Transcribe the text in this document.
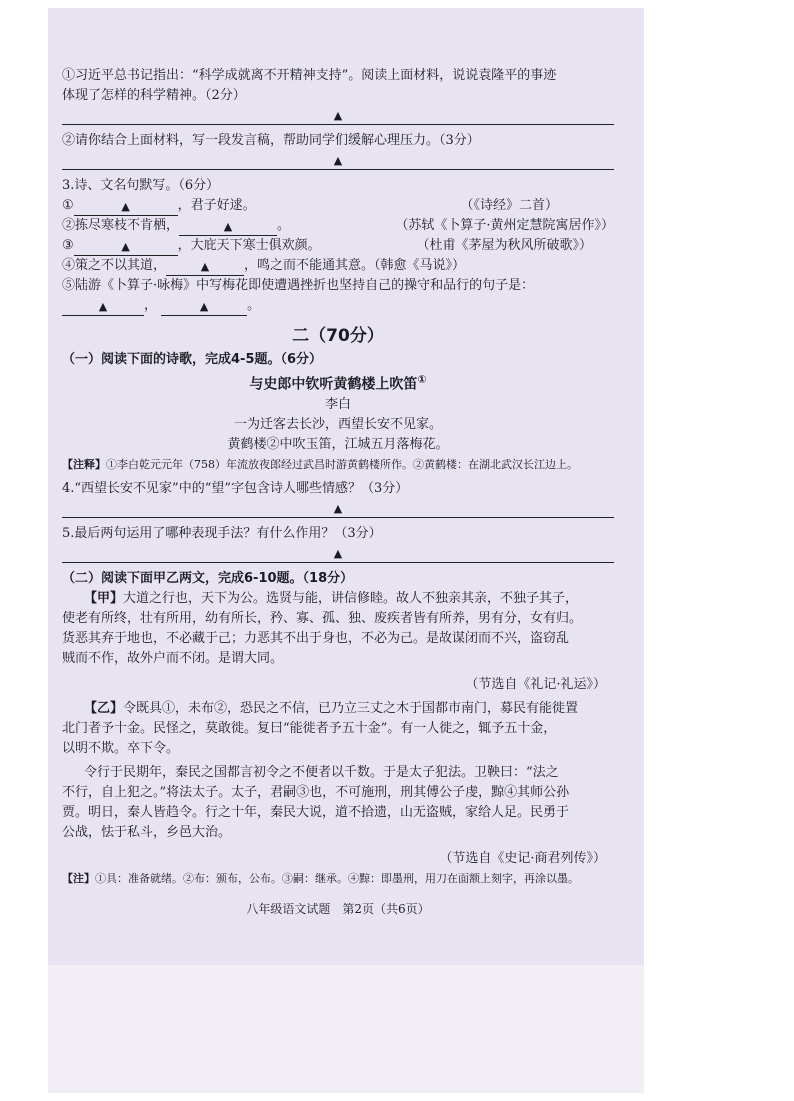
①习近平总书记指出：“科学成就离不开精神支持”。阅读上面材料，说说袁隆平的事迹
体现了怎样的科学精神。（2分）
▲
②请你结合上面材料，写一段发言稿，帮助同学们缓解心理压力。（3分）
▲
3.诗、文名句默写。（6分）
①	▲	，君子好逑。	（《诗经》二首）
②拣尽寒枝不肯栖，	▲	。	（苏轼《卜算子·黄州定慧院寓居作》）
③	▲	，大庇天下寒士俱欢颜。	（杜甫《茅屋为秋风所破歌》）
④策之不以其道，	▲	，鸣之而不能通其意。（韩愈《马说》）
⑤陆游《卜算子·咏梅》中写梅花即使遭遇挫折也坚持自己的操守和品行的句子是：
▲	，	▲	。
二（70分）
（一）阅读下面的诗歌，完成4-5题。（6分）
与史郎中钦听黄鹤楼上吹笛①
李白
一为迁客去长沙，西望长安不见家。
黄鹤楼②中吹玉笛，江城五月落梅花。
【注释】①李白乾元元年（758）年流放夜郎经过武昌时游黄鹤楼所作。②黄鹤楼：在湖北武汉长江边上。
4.“西望长安不见家”中的“望”字包含诗人哪些情感？（3分）
▲
5.最后两句运用了哪种表现手法？有什么作用？（3分）
▲
（二）阅读下面甲乙两文，完成6-10题。（18分）
【甲】大道之行也，天下为公。选贤与能，讲信修睦。故人不独亲其亲，不独子其子，
使老有所终，壮有所用，幼有所长，矜、寡、孤、独、废疾者皆有所养，男有分，女有归。
货恶其弃于地也，不必藏于己；力恶其不出于身也，不必为己。是故谋闭而不兴，盗窃乱
贼而不作，故外户而不闭。是谓大同。
（节选自《礼记·礼运》）
【乙】令既具①，未布②，恐民之不信，已乃立三丈之木于国都市南门，募民有能徙置
北门者予十金。民怪之，莫敢徙。复曰“能徙者予五十金”。有一人徙之，辄予五十金，
以明不欺。卒下令。
令行于民期年，秦民之国都言初令之不便者以千数。于是太子犯法。卫鞅曰：“法之
不行，自上犯之。”将法太子。太子，君嗣③也，不可施刑，刑其傅公子虔，黥④其师公孙
贾。明日，秦人皆趋令。行之十年，秦民大说，道不拾遗，山无盗贼，家给人足。民勇于
公战，怯于私斗，乡邑大治。
（节选自《史记·商君列传》）
【注】①具：准备就绪。②布：颁布，公布。③嗣：继承。④黥：即墨刑，用刀在面额上刻字，再涂以墨。
八年级语文试题　第2页（共6页）
